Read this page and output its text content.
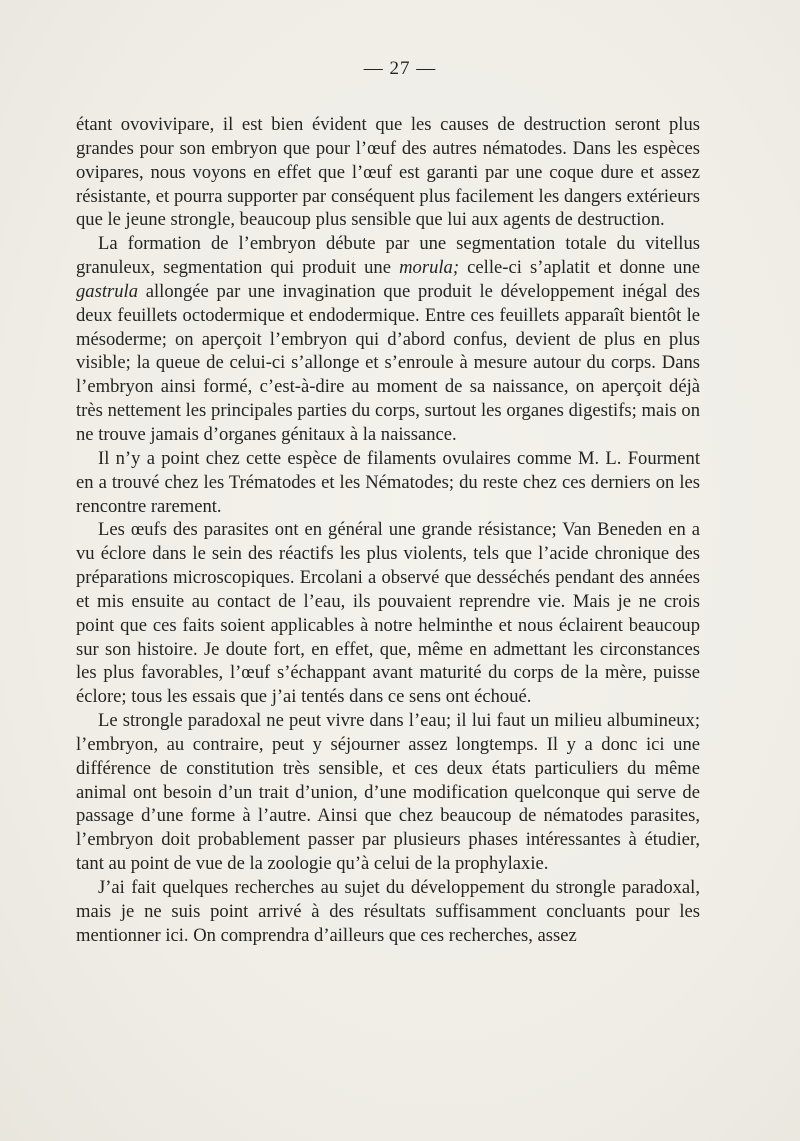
— 27 —

étant ovovivipare, il est bien évident que les causes de destruction seront plus grandes pour son embryon que pour l’œuf des autres nématodes. Dans les espèces ovipares, nous voyons en effet que l’œuf est garanti par une coque dure et assez résistante, et pourra supporter par conséquent plus facilement les dangers extérieurs que le jeune strongle, beaucoup plus sensible que lui aux agents de destruction.

La formation de l’embryon débute par une segmentation totale du vitellus granuleux, segmentation qui produit une morula; celle-ci s’aplatit et donne une gastrula allongée par une invagination que produit le développement inégal des deux feuillets octodermique et endodermique. Entre ces feuillets apparaît bientôt le mésoderme; on aperçoit l’embryon qui d’abord confus, devient de plus en plus visible; la queue de celui-ci s’allonge et s’enroule à mesure autour du corps. Dans l’embryon ainsi formé, c’est-à-dire au moment de sa naissance, on aperçoit déjà très nettement les principales parties du corps, surtout les organes digestifs; mais on ne trouve jamais d’organes génitaux à la naissance.

Il n’y a point chez cette espèce de filaments ovulaires comme M. L. Fourment en a trouvé chez les Trématodes et les Nématodes; du reste chez ces derniers on les rencontre rarement.

Les œufs des parasites ont en général une grande résistance; Van Beneden en a vu éclore dans le sein des réactifs les plus violents, tels que l’acide chronique des préparations microscopiques. Ercolani a observé que desséchés pendant des années et mis ensuite au contact de l’eau, ils pouvaient reprendre vie. Mais je ne crois point que ces faits soient applicables à notre helminthe et nous éclairent beaucoup sur son histoire. Je doute fort, en effet, que, même en admettant les circonstances les plus favorables, l’œuf s’échappant avant maturité du corps de la mère, puisse éclore; tous les essais que j’ai tentés dans ce sens ont échoué.

Le strongle paradoxal ne peut vivre dans l’eau; il lui faut un milieu albumineux; l’embryon, au contraire, peut y séjourner assez longtemps. Il y a donc ici une différence de constitution très sensible, et ces deux états particuliers du même animal ont besoin d’un trait d’union, d’une modification quelconque qui serve de passage d’une forme à l’autre. Ainsi que chez beaucoup de nématodes parasites, l’embryon doit probablement passer par plusieurs phases intéressantes à étudier, tant au point de vue de la zoologie qu’à celui de la prophylaxie.

J’ai fait quelques recherches au sujet du développement du strongle paradoxal, mais je ne suis point arrivé à des résultats suffisamment concluants pour les mentionner ici. On comprendra d’ailleurs que ces recherches, assez
